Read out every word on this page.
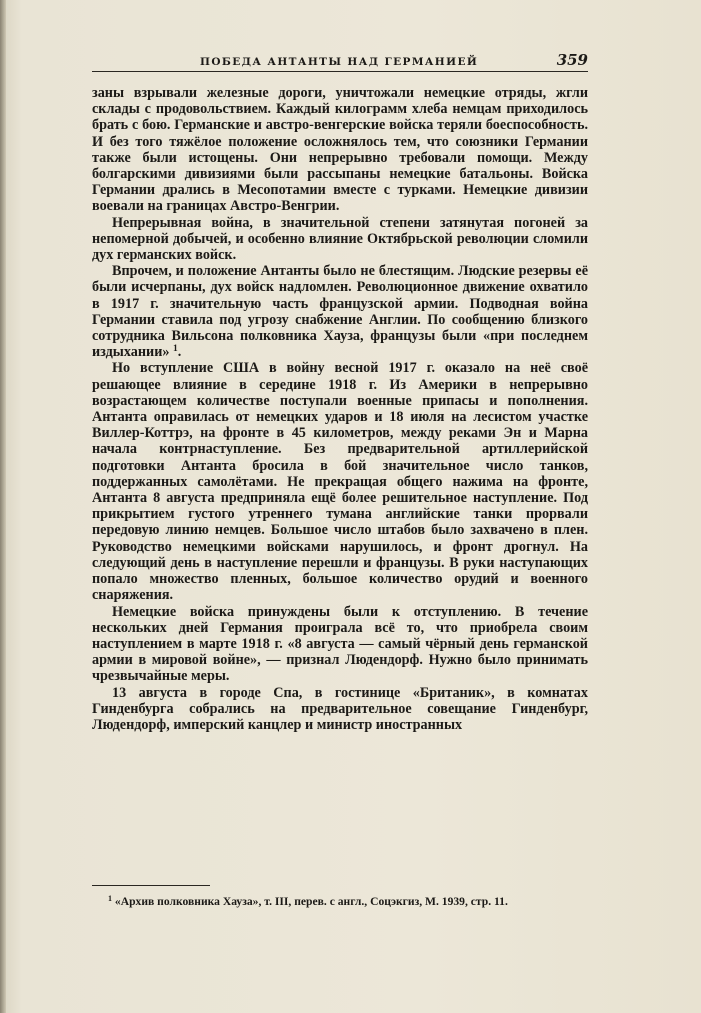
ПОБЕДА АНТАНТЫ НАД ГЕРМАНИЕЙ	359

заны взрывали железные дороги, уничтожали немецкие отряды, жгли склады с продовольствием. Каждый килограмм хлеба немцам приходилось брать с бою. Германские и австро-венгерские войска теряли боеспособность. И без того тяжёлое положение осложнялось тем, что союзники Германии также были истощены. Они непрерывно требовали помощи. Между болгарскими дивизиями были рассыпаны немецкие батальоны. Войска Германии дрались в Месопотамии вместе с турками. Немецкие дивизии воевали на границах Австро-Венгрии.

Непрерывная война, в значительной степени затянутая погоней за непомерной добычей, и особенно влияние Октябрьской революции сломили дух германских войск.

Впрочем, и положение Антанты было не блестящим. Людские резервы её были исчерпаны, дух войск надломлен. Революционное движение охватило в 1917 г. значительную часть французской армии. Подводная война Германии ставила под угрозу снабжение Англии. По сообщению близкого сотрудника Вильсона полковника Хауза, французы были «при последнем издыхании» $^1$.

Но вступление США в войну весной 1917 г. оказало на неё своё решающее влияние в середине 1918 г. Из Америки в непрерывно возрастающем количестве поступали военные припасы и пополнения. Антанта оправилась от немецких ударов и 18 июля на лесистом участке Виллер-Коттрэ, на фронте в 45 километров, между реками Эн и Марна начала контрнаступление. Без предварительной артиллерийской подготовки Антанта бросила в бой значительное число танков, поддержанных самолётами. Не прекращая общего нажима на фронте, Антанта 8 августа предприняла ещё более решительное наступление. Под прикрытием густого утреннего тумана английские танки прорвали передовую линию немцев. Большое число штабов было захвачено в плен. Руководство немецкими войсками нарушилось, и фронт дрогнул. На следующий день в наступление перешли и французы. В руки наступающих попало множество пленных, большое количество орудий и военного снаряжения.

Немецкие войска принуждены были к отступлению. В течение нескольких дней Германия проиграла всё то, что приобрела своим наступлением в марте 1918 г. «8 августа — самый чёрный день германской армии в мировой войне», — признал Людендорф. Нужно было принимать чрезвычайные меры.

13 августа в городе Спа, в гостинице «Британик», в комнатах Гинденбурга собрались на предварительное совещание Гинденбург, Людендорф, имперский канцлер и министр иностранных

$^1$ «Архив полковника Хауза», т. III, перев. с англ., Соцэкгиз, М. 1939, стр. 11.
